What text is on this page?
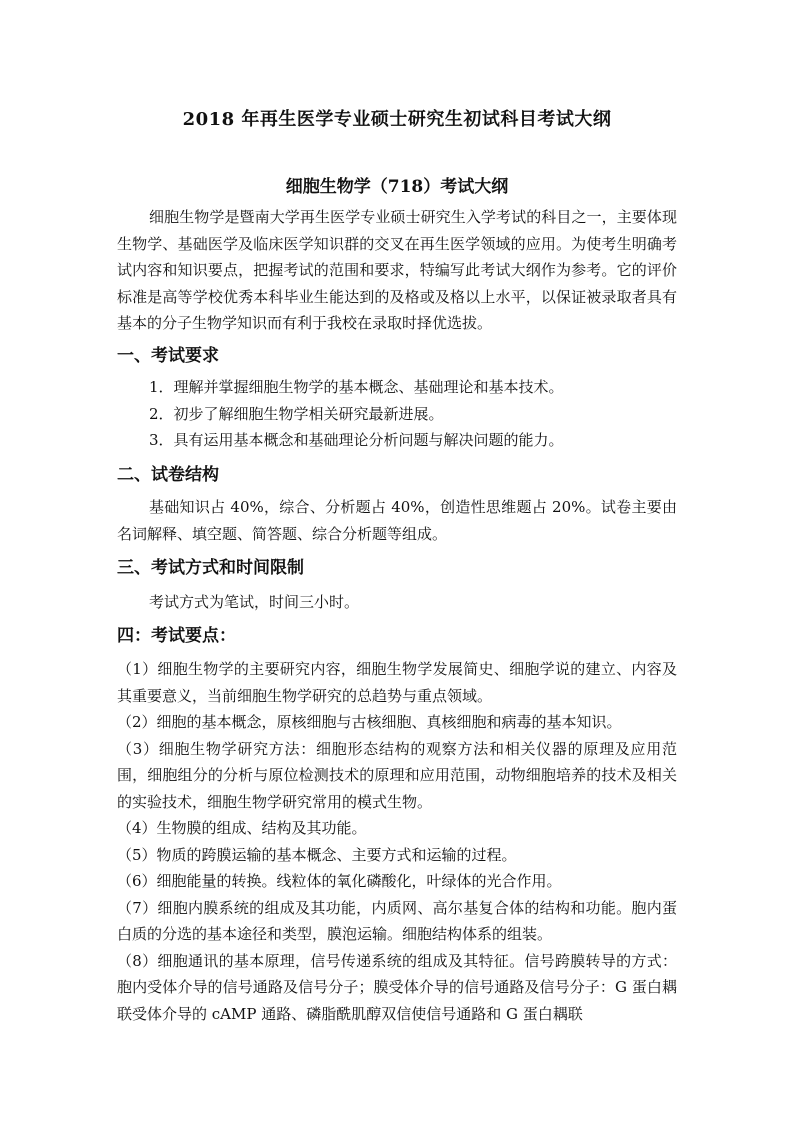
2018 年再生医学专业硕士研究生初试科目考试大纲
细胞生物学（718）考试大纲
细胞生物学是暨南大学再生医学专业硕士研究生入学考试的科目之一，主要体现生物学、基础医学及临床医学知识群的交叉在再生医学领域的应用。为使考生明确考试内容和知识要点，把握考试的范围和要求，特编写此考试大纲作为参考。它的评价标准是高等学校优秀本科毕业生能达到的及格或及格以上水平，以保证被录取者具有基本的分子生物学知识而有利于我校在录取时择优选拔。
一、考试要求

1．理解并掌握细胞生物学的基本概念、基础理论和基本技术。

2．初步了解细胞生物学相关研究最新进展。

3．具有运用基本概念和基础理论分析问题与解决问题的能力。

二、试卷结构
基础知识占 40%，综合、分析题占 40%，创造性思维题占 20%。试卷主要由名词解释、填空题、简答题、综合分析题等组成。
三、考试方式和时间限制
考试方式为笔试，时间三小时。
四：考试要点：

（1）细胞生物学的主要研究内容，细胞生物学发展简史、细胞学说的建立、内容及其重要意义，当前细胞生物学研究的总趋势与重点领域。

（2）细胞的基本概念，原核细胞与古核细胞、真核细胞和病毒的基本知识。

（3）细胞生物学研究方法：细胞形态结构的观察方法和相关仪器的原理及应用范围，细胞组分的分析与原位检测技术的原理和应用范围，动物细胞培养的技术及相关的实验技术，细胞生物学研究常用的模式生物。

（4）生物膜的组成、结构及其功能。

（5）物质的跨膜运输的基本概念、主要方式和运输的过程。

（6）细胞能量的转换。线粒体的氧化磷酸化，叶绿体的光合作用。

（7）细胞内膜系统的组成及其功能，内质网、高尔基复合体的结构和功能。胞内蛋白质的分选的基本途径和类型，膜泡运输。细胞结构体系的组装。

（8）细胞通讯的基本原理，信号传递系统的组成及其特征。信号跨膜转导的方式：胞内受体介导的信号通路及信号分子；膜受体介导的信号通路及信号分子：G 蛋白耦联受体介导的 cAMP 通路、磷脂酰肌醇双信使信号通路和 G 蛋白耦联
